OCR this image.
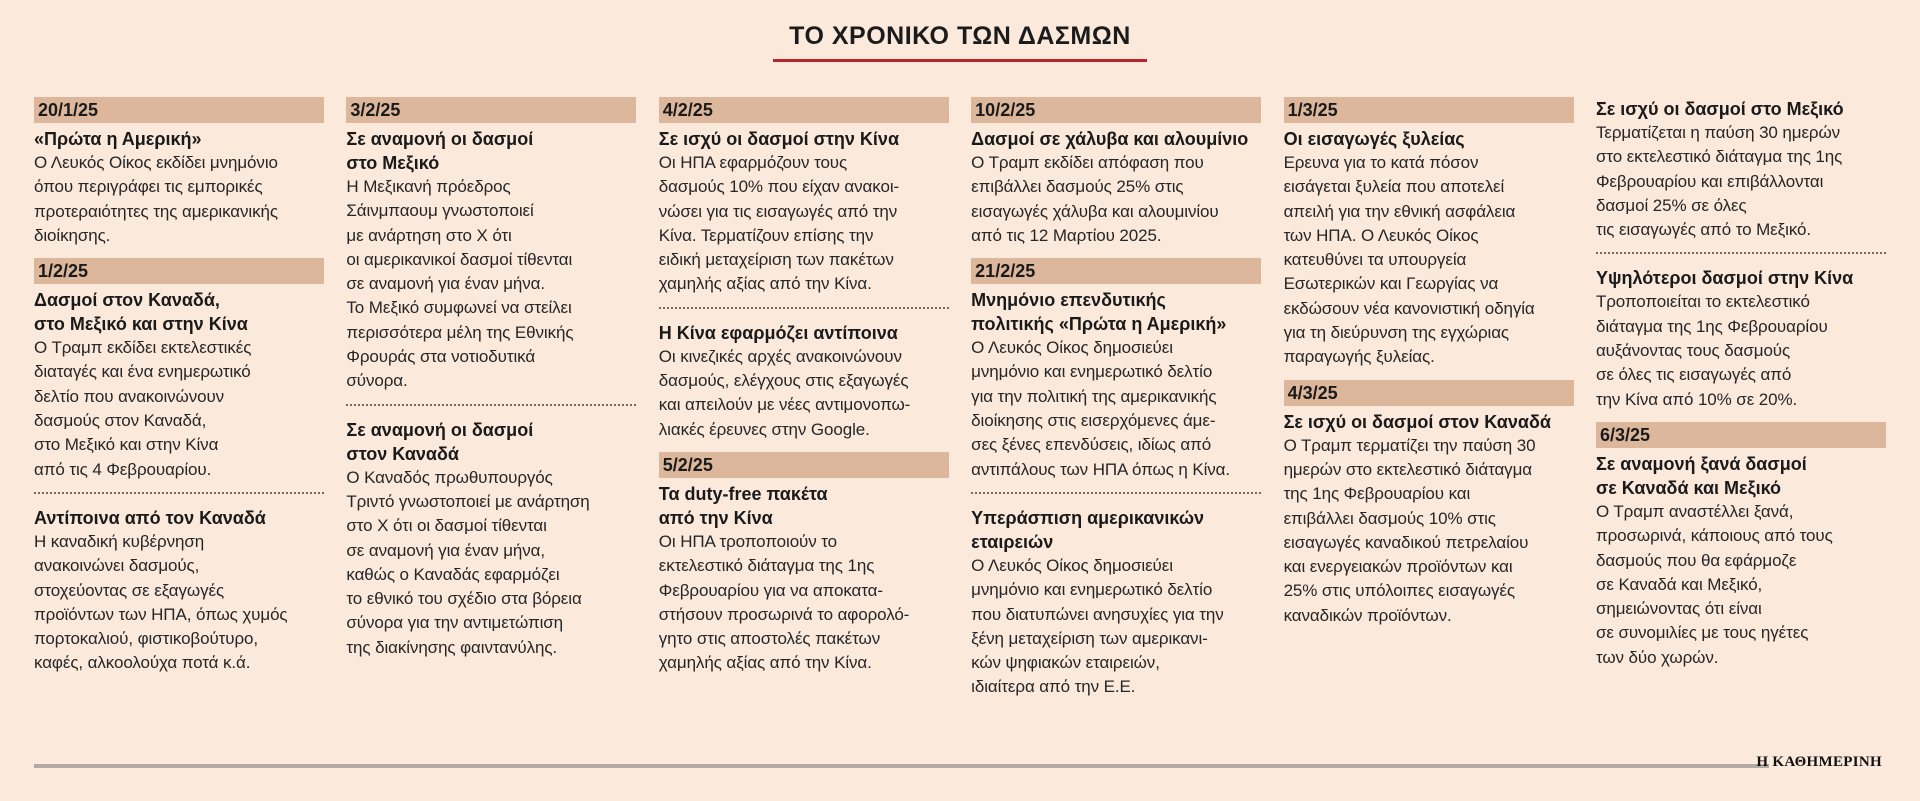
ΤΟ ΧΡΟΝΙΚΟ ΤΩΝ ΔΑΣΜΩΝ
20/1/25
«Πρώτα η Αμερική»
Ο Λευκός Οίκος εκδίδει μνημόνιο
όπου περιγράφει τις εμπορικές
προτεραιότητες της αμερικανικής
διοίκησης.
1/2/25
Δασμοί στον Καναδά,
στο Μεξικό και στην Κίνα
Ο Τραμπ εκδίδει εκτελεστικές
διαταγές και ένα ενημερωτικό
δελτίο που ανακοινώνουν
δασμούς στον Καναδά,
στο Μεξικό και στην Κίνα
από τις 4 Φεβρουαρίου.
Αντίποινα από τον Καναδά
Η καναδική κυβέρνηση
ανακοινώνει δασμούς,
στοχεύοντας σε εξαγωγές
προϊόντων των ΗΠΑ, όπως χυμός
πορτοκαλιού, φιστικοβούτυρο,
καφές, αλκοολούχα ποτά κ.ά.
3/2/25
Σε αναμονή οι δασμοί
στο Μεξικό
Η Μεξικανή πρόεδρος
Σάινμπαουμ γνωστοποιεί
με ανάρτηση στο Χ ότι
οι αμερικανικοί δασμοί τίθενται
σε αναμονή για έναν μήνα.
Το Μεξικό συμφωνεί να στείλει
περισσότερα μέλη της Εθνικής
Φρουράς στα νοτιοδυτικά
σύνορα.
Σε αναμονή οι δασμοί
στον Καναδά
Ο Καναδός πρωθυπουργός
Τριντό γνωστοποιεί με ανάρτηση
στο Χ ότι οι δασμοί τίθενται
σε αναμονή για έναν μήνα,
καθώς ο Καναδάς εφαρμόζει
το εθνικό του σχέδιο στα βόρεια
σύνορα για την αντιμετώπιση
της διακίνησης φαιντανύλης.
4/2/25
Σε ισχύ οι δασμοί στην Κίνα
Οι ΗΠΑ εφαρμόζουν τους
δασμούς 10% που είχαν ανακοι-
νώσει για τις εισαγωγές από την
Κίνα. Τερματίζουν επίσης την
ειδική μεταχείριση των πακέτων
χαμηλής αξίας από την Κίνα.
Η Κίνα εφαρμόζει αντίποινα
Οι κινεζικές αρχές ανακοινώνουν
δασμούς, ελέγχους στις εξαγωγές
και απειλούν με νέες αντιμονοπω-
λιακές έρευνες στην Google.
5/2/25
Τα duty-free πακέτα
από την Κίνα
Οι ΗΠΑ τροποποιούν το
εκτελεστικό διάταγμα της 1ης
Φεβρουαρίου για να αποκατα-
στήσουν προσωρινά το αφορολό-
γητο στις αποστολές πακέτων
χαμηλής αξίας από την Κίνα.
10/2/25
Δασμοί σε χάλυβα και αλουμίνιο
Ο Τραμπ εκδίδει απόφαση που
επιβάλλει δασμούς 25% στις
εισαγωγές χάλυβα και αλουμινίου
από τις 12 Μαρτίου 2025.
21/2/25
Μνημόνιο επενδυτικής
πολιτικής «Πρώτα η Αμερική»
Ο Λευκός Οίκος δημοσιεύει
μνημόνιο και ενημερωτικό δελτίο
για την πολιτική της αμερικανικής
διοίκησης στις εισερχόμενες άμε-
σες ξένες επενδύσεις, ιδίως από
αντιπάλους των ΗΠΑ όπως η Κίνα.
Υπεράσπιση αμερικανικών
εταιρειών
Ο Λευκός Οίκος δημοσιεύει
μνημόνιο και ενημερωτικό δελτίο
που διατυπώνει ανησυχίες για την
ξένη μεταχείριση των αμερικανι-
κών ψηφιακών εταιρειών,
ιδιαίτερα από την Ε.Ε.
1/3/25
Οι εισαγωγές ξυλείας
Ερευνα για το κατά πόσον
εισάγεται ξυλεία που αποτελεί
απειλή για την εθνική ασφάλεια
των ΗΠΑ. Ο Λευκός Οίκος
κατευθύνει τα υπουργεία
Εσωτερικών και Γεωργίας να
εκδώσουν νέα κανονιστική οδηγία
για τη διεύρυνση της εγχώριας
παραγωγής ξυλείας.
4/3/25
Σε ισχύ οι δασμοί στον Καναδά
Ο Τραμπ τερματίζει την παύση 30
ημερών στο εκτελεστικό διάταγμα
της 1ης Φεβρουαρίου και
επιβάλλει δασμούς 10% στις
εισαγωγές καναδικού πετρελαίου
και ενεργειακών προϊόντων και
25% στις υπόλοιπες εισαγωγές
καναδικών προϊόντων.
Σε ισχύ οι δασμοί στο Μεξικό
Τερματίζεται η παύση 30 ημερών
στο εκτελεστικό διάταγμα της 1ης
Φεβρουαρίου και επιβάλλονται
δασμοί 25% σε όλες
τις εισαγωγές από το Μεξικό.
Υψηλότεροι δασμοί στην Κίνα
Τροποποιείται το εκτελεστικό
διάταγμα της 1ης Φεβρουαρίου
αυξάνοντας τους δασμούς
σε όλες τις εισαγωγές από
την Κίνα από 10% σε 20%.
6/3/25
Σε αναμονή ξανά δασμοί
σε Καναδά και Μεξικό
Ο Τραμπ αναστέλλει ξανά,
προσωρινά, κάποιους από τους
δασμούς που θα εφάρμοζε
σε Καναδά και Μεξικό,
σημειώνοντας ότι είναι
σε συνομιλίες με τους ηγέτες
των δύο χωρών.
Η ΚΑΘΗΜΕΡΙΝΗ
